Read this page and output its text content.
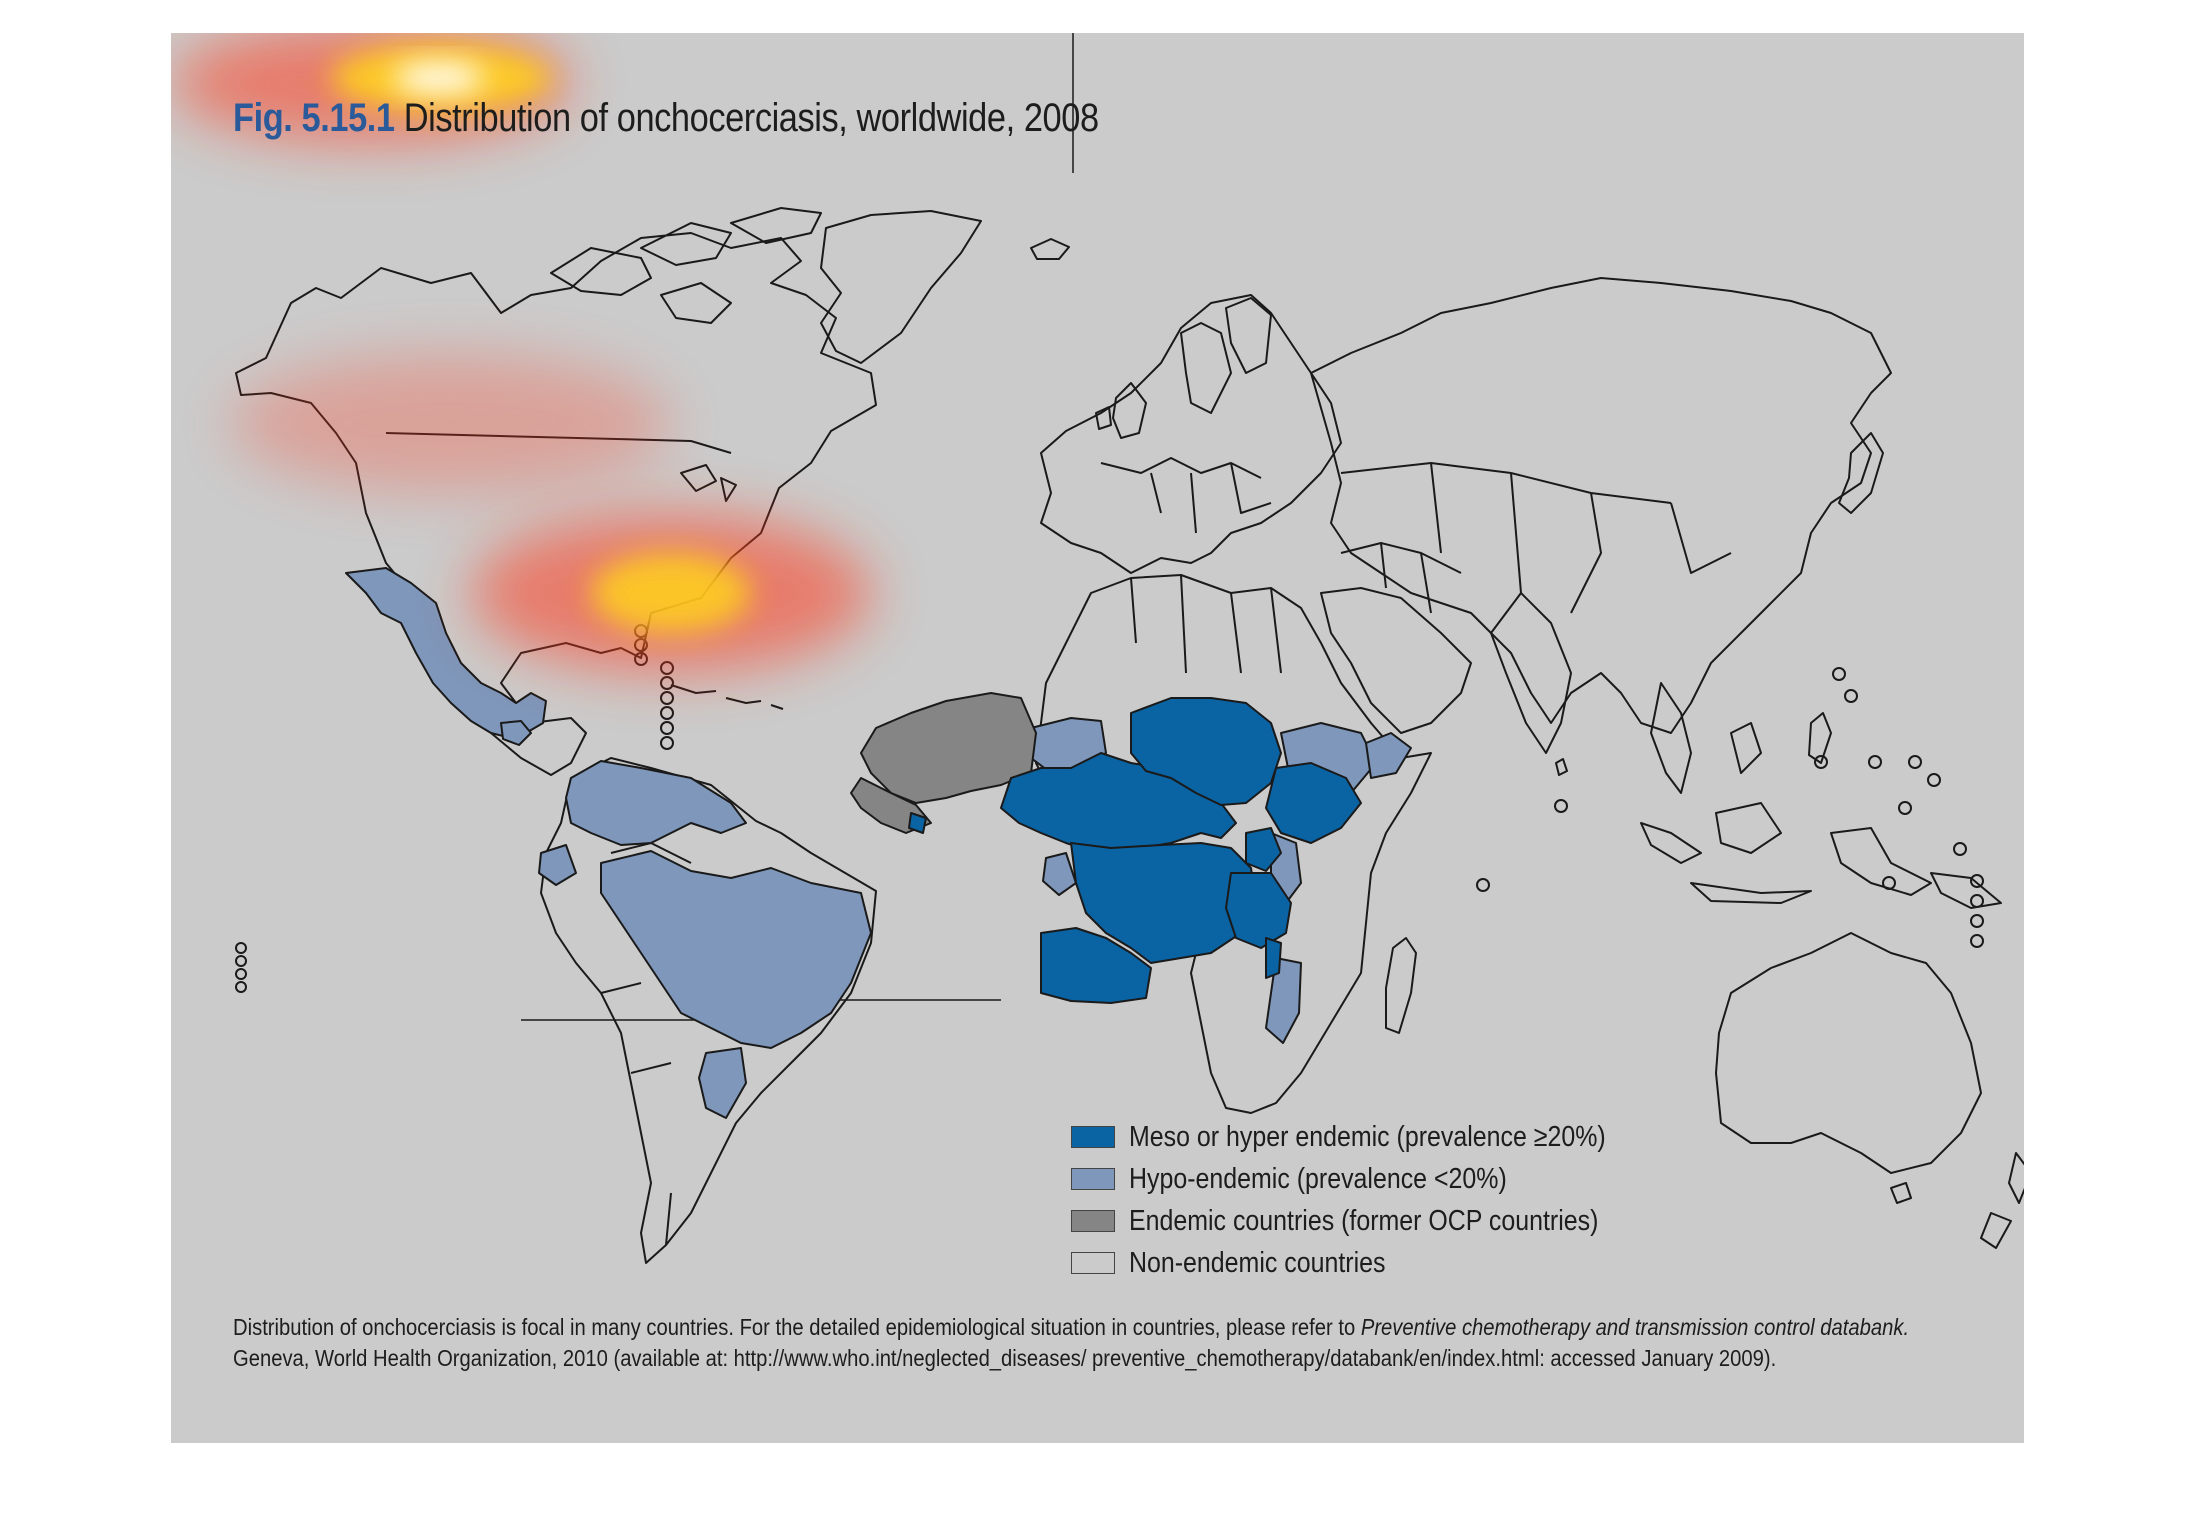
Fig. 5.15.1 Distribution of onchocerciasis, worldwide, 2008
Meso or hyper endemic (prevalence ≥20%)
Hypo-endemic (prevalence <20%)
Endemic countries (former OCP countries)
Non-endemic countries
Distribution of onchocerciasis is focal in many countries. For the detailed epidemiological situation in countries, please refer to Preventive chemotherapy and transmission control databank.
Geneva, World Health Organization, 2010 (available at: http://www.who.int/neglected_diseases/ preventive_chemotherapy/databank/en/index.html: accessed January 2009).
